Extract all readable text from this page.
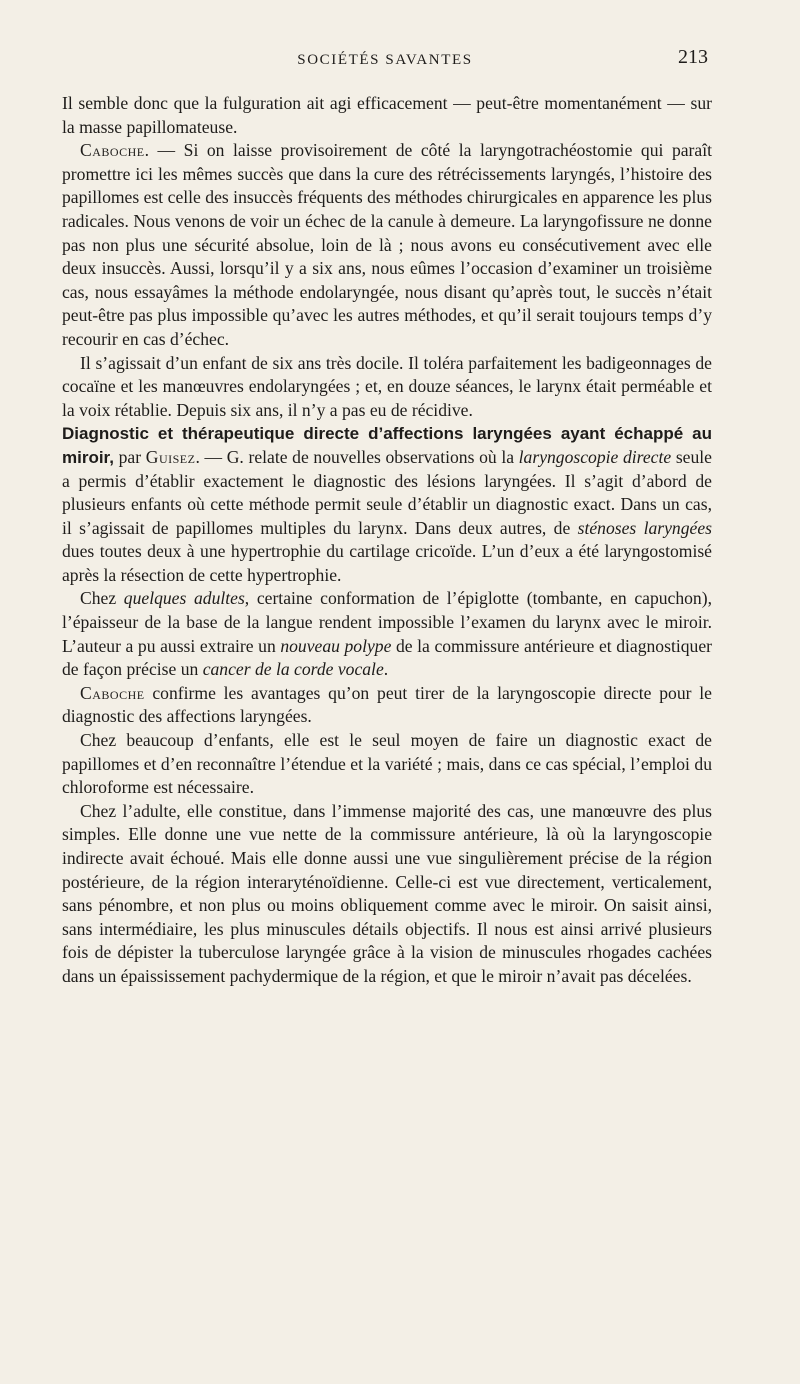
SOCIÉTÉS SAVANTES	213

Il semble donc que la fulguration ait agi efficacement — peut-être momentanément — sur la masse papillomateuse.

Caboche. — Si on laisse provisoirement de côté la laryngotrachéostomie qui paraît promettre ici les mêmes succès que dans la cure des rétrécissements laryngés, l’histoire des papillomes est celle des insuccès fréquents des méthodes chirurgicales en apparence les plus radicales. Nous venons de voir un échec de la canule à demeure. La laryngofissure ne donne pas non plus une sécurité absolue, loin de là ; nous avons eu consécutivement avec elle deux insuccès. Aussi, lorsqu’il y a six ans, nous eûmes l’occasion d’examiner un troisième cas, nous essayâmes la méthode endolaryngée, nous disant qu’après tout, le succès n’était peut-être pas plus impossible qu’avec les autres méthodes, et qu’il serait toujours temps d’y recourir en cas d’échec.

Il s’agissait d’un enfant de six ans très docile. Il toléra parfaitement les badigeonnages de cocaïne et les manœuvres endolaryngées ; et, en douze séances, le larynx était perméable et la voix rétablie. Depuis six ans, il n’y a pas eu de récidive.

Diagnostic et thérapeutique directe d’affections laryngées ayant échappé au miroir, par Guisez. — G. relate de nouvelles observations où la laryngoscopie directe seule a permis d’établir exactement le diagnostic des lésions laryngées. Il s’agit d’abord de plusieurs enfants où cette méthode permit seule d’établir un diagnostic exact. Dans un cas, il s’agissait de papillomes multiples du larynx. Dans deux autres, de sténoses laryngées dues toutes deux à une hypertrophie du cartilage cricoïde. L’un d’eux a été laryngostomisé après la résection de cette hypertrophie.

Chez quelques adultes, certaine conformation de l’épiglotte (tombante, en capuchon), l’épaisseur de la base de la langue rendent impossible l’examen du larynx avec le miroir. L’auteur a pu aussi extraire un nouveau polype de la commissure antérieure et diagnostiquer de façon précise un cancer de la corde vocale.

Caboche confirme les avantages qu’on peut tirer de la laryngoscopie directe pour le diagnostic des affections laryngées.

Chez beaucoup d’enfants, elle est le seul moyen de faire un diagnostic exact de papillomes et d’en reconnaître l’étendue et la variété ; mais, dans ce cas spécial, l’emploi du chloroforme est nécessaire.

Chez l’adulte, elle constitue, dans l’immense majorité des cas, une manœuvre des plus simples. Elle donne une vue nette de la commissure antérieure, là où la laryngoscopie indirecte avait échoué. Mais elle donne aussi une vue singulièrement précise de la région postérieure, de la région interaryténoïdienne. Celle-ci est vue directement, verticalement, sans pénombre, et non plus ou moins obliquement comme avec le miroir. On saisit ainsi, sans intermédiaire, les plus minuscules détails objectifs. Il nous est ainsi arrivé plusieurs fois de dépister la tuberculose laryngée grâce à la vision de minuscules rhogades cachées dans un épaississement pachydermique de la région, et que le miroir n’avait pas décelées.
